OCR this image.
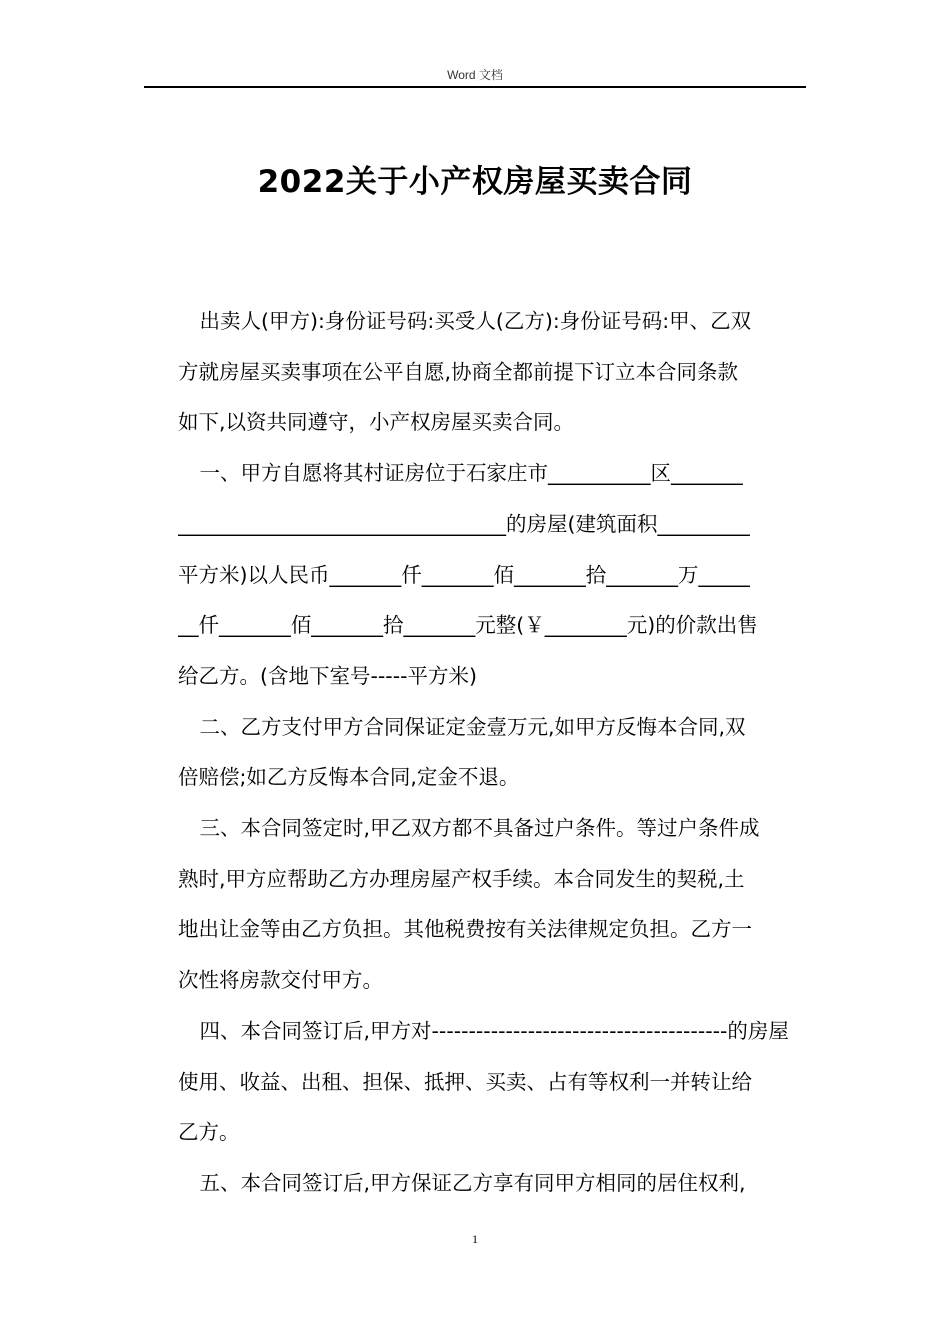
Word 文档
2022关于小产权房屋买卖合同

出卖人(甲方):身份证号码:买受人(乙方):身份证号码:甲、乙双
方就房屋买卖事项在公平自愿,协商全都前提下订立本合同条款
如下,以资共同遵守，小产权房屋买卖合同。

一、甲方自愿将其村证房位于石家庄市__________区_______
________________________________的房屋(建筑面积_________
平方米)以人民币_______仟_______佰_______拾_______万_____
__仟_______佰_______拾_______元整(￥________元)的价款出售
给乙方。(含地下室号-----平方米)

二、乙方支付甲方合同保证定金壹万元,如甲方反悔本合同,双
倍赔偿;如乙方反悔本合同,定金不退。

三、本合同签定时,甲乙双方都不具备过户条件。等过户条件成
熟时,甲方应帮助乙方办理房屋产权手续。本合同发生的契税,土
地出让金等由乙方负担。其他税费按有关法律规定负担。乙方一
次性将房款交付甲方。

四、本合同签订后,甲方对----------------------------------------的房屋
使用、收益、出租、担保、抵押、买卖、占有等权利一并转让给
乙方。

五、本合同签订后,甲方保证乙方享有同甲方相同的居住权利,

1
